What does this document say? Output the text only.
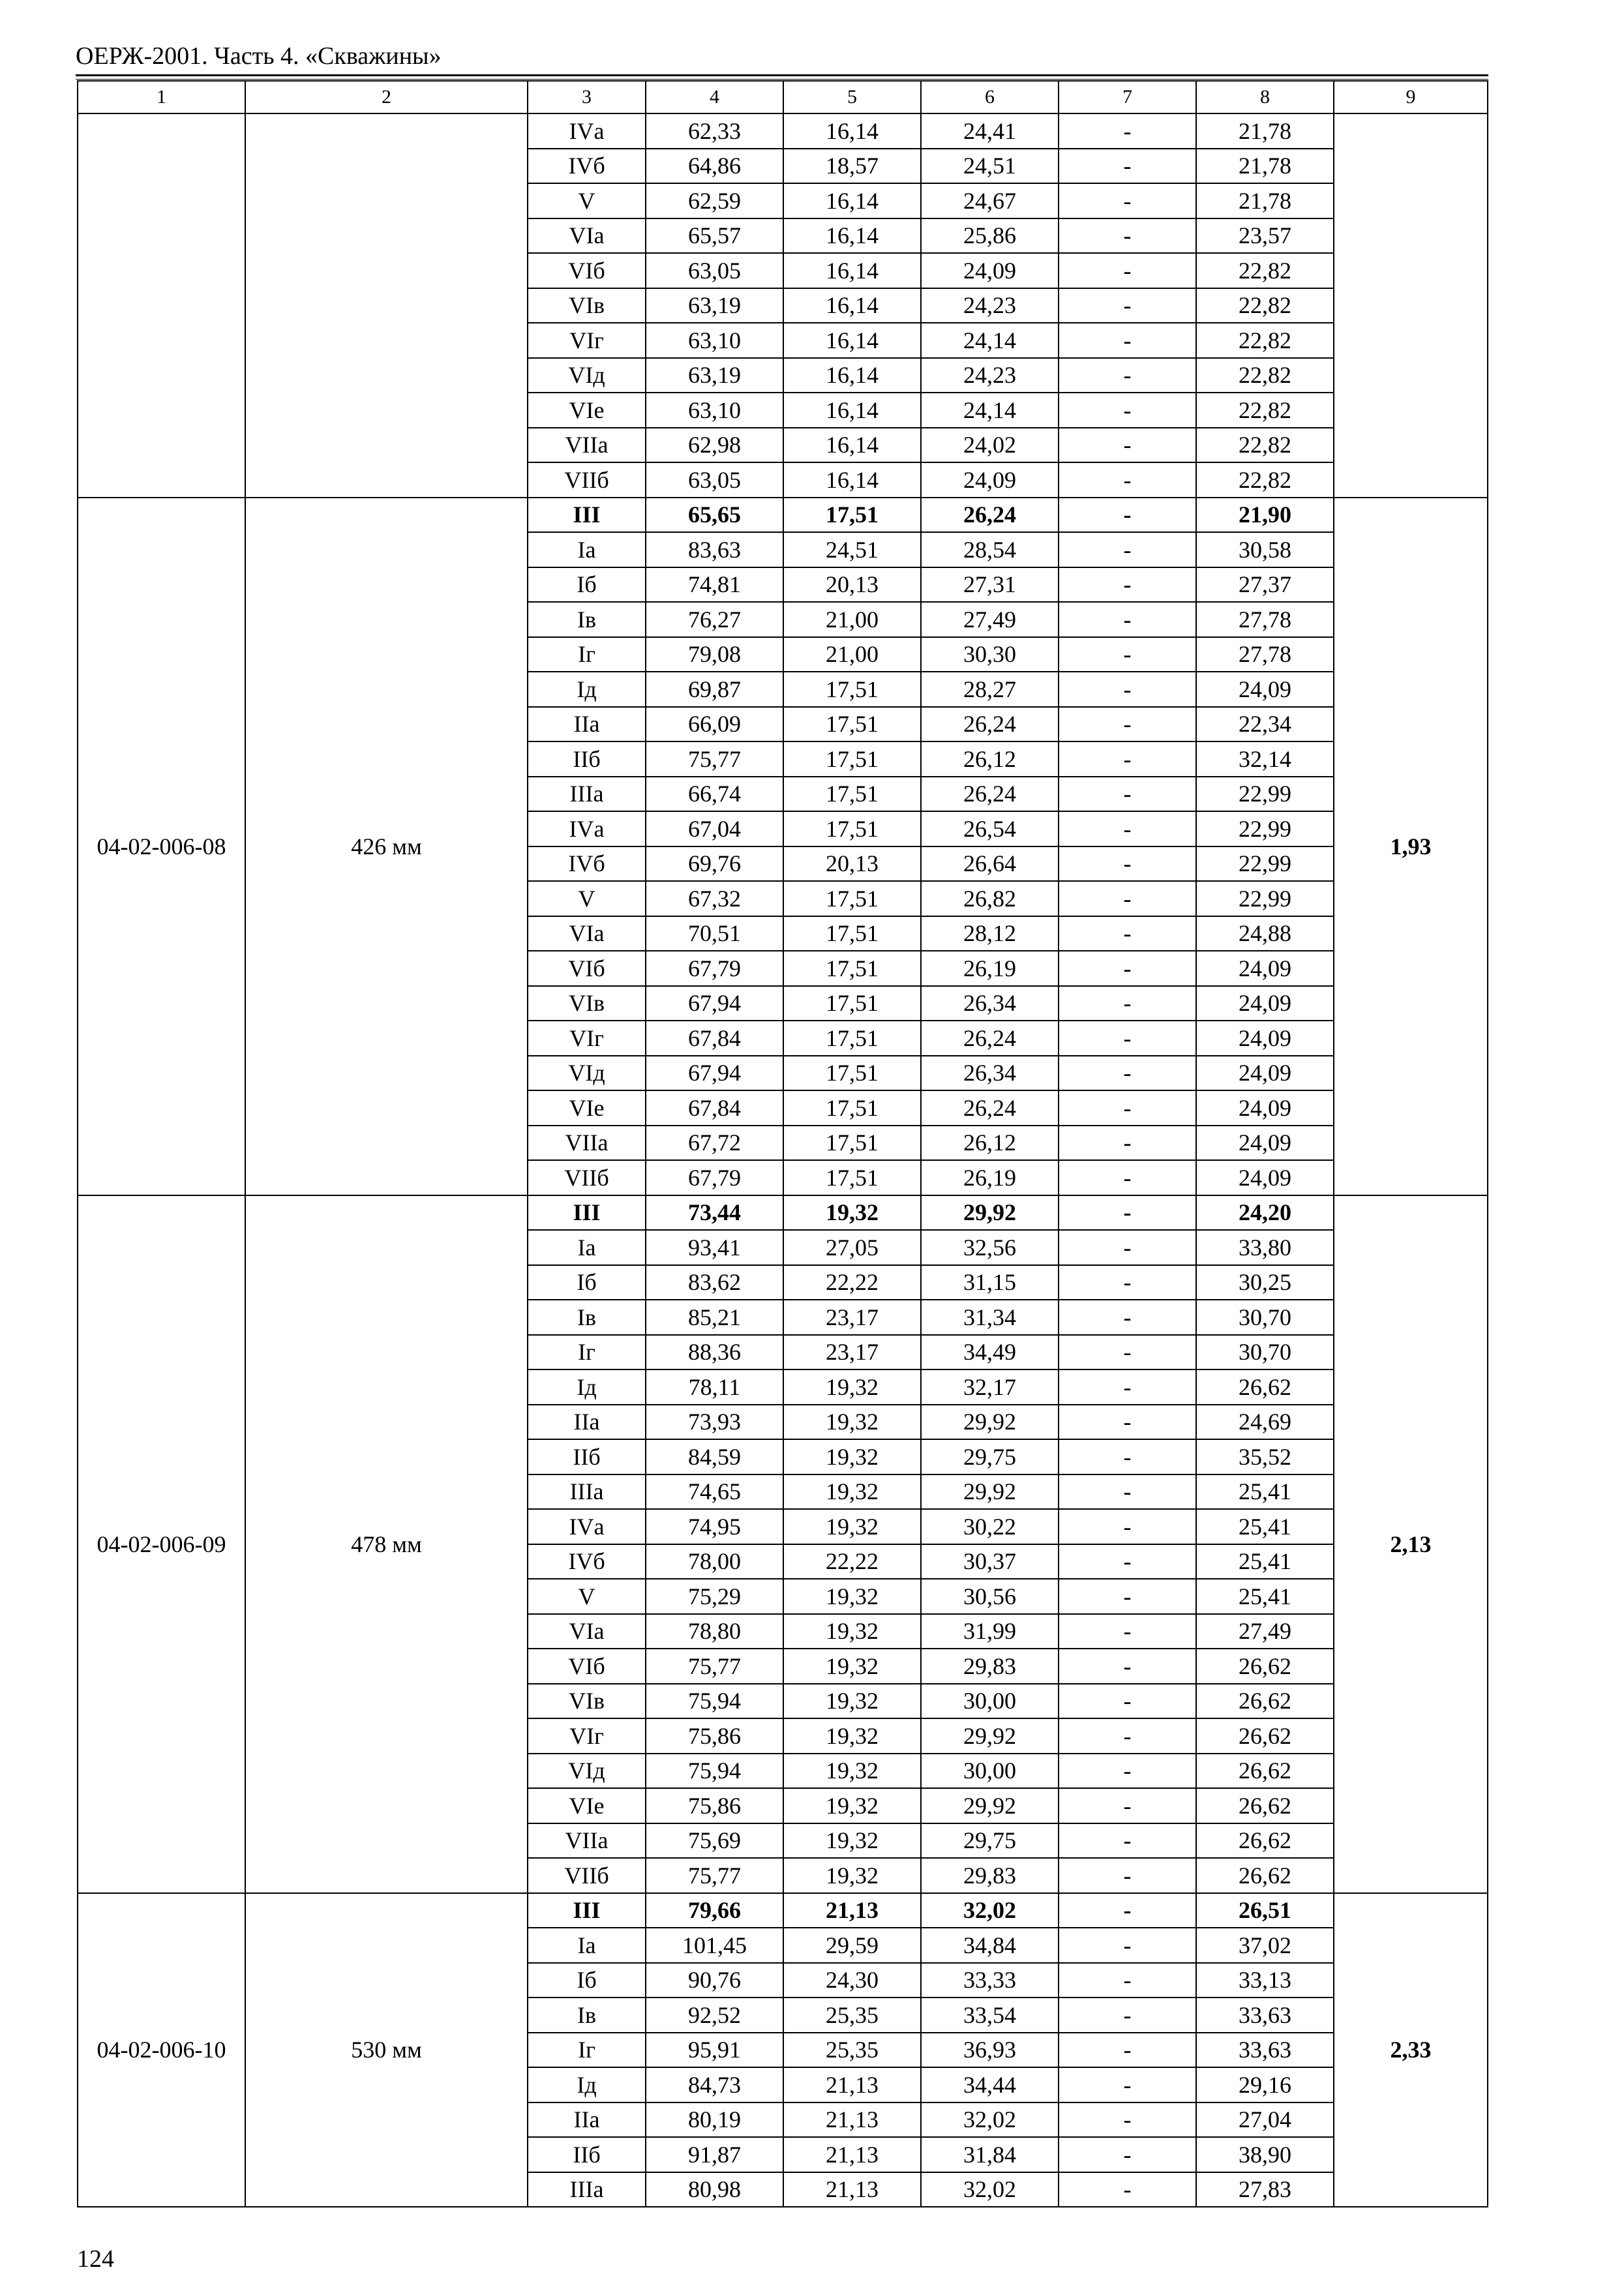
ОЕРЖ-2001. Часть 4. «Скважины»
1	2	3	4	5	6	7	8	9
		IVа	62,33	16,14	24,41	-	21,78	
		IVб	64,86	18,57	24,51	-	21,78	
		V	62,59	16,14	24,67	-	21,78	
		VIа	65,57	16,14	25,86	-	23,57	
		VIб	63,05	16,14	24,09	-	22,82	
		VIв	63,19	16,14	24,23	-	22,82	
		VIг	63,10	16,14	24,14	-	22,82	
		VIд	63,19	16,14	24,23	-	22,82	
		VIе	63,10	16,14	24,14	-	22,82	
		VIIа	62,98	16,14	24,02	-	22,82	
		VIIб	63,05	16,14	24,09	-	22,82	
04-02-006-08	426 мм	III	65,65	17,51	26,24	-	21,90	1,93
		Iа	83,63	24,51	28,54	-	30,58	
		Iб	74,81	20,13	27,31	-	27,37	
		Iв	76,27	21,00	27,49	-	27,78	
		Iг	79,08	21,00	30,30	-	27,78	
		Iд	69,87	17,51	28,27	-	24,09	
		IIа	66,09	17,51	26,24	-	22,34	
		IIб	75,77	17,51	26,12	-	32,14	
		IIIа	66,74	17,51	26,24	-	22,99	
		IVа	67,04	17,51	26,54	-	22,99	
		IVб	69,76	20,13	26,64	-	22,99	
		V	67,32	17,51	26,82	-	22,99	
		VIа	70,51	17,51	28,12	-	24,88	
		VIб	67,79	17,51	26,19	-	24,09	
		VIв	67,94	17,51	26,34	-	24,09	
		VIг	67,84	17,51	26,24	-	24,09	
		VIд	67,94	17,51	26,34	-	24,09	
		VIе	67,84	17,51	26,24	-	24,09	
		VIIа	67,72	17,51	26,12	-	24,09	
		VIIб	67,79	17,51	26,19	-	24,09	
04-02-006-09	478 мм	III	73,44	19,32	29,92	-	24,20	2,13
		Iа	93,41	27,05	32,56	-	33,80	
		Iб	83,62	22,22	31,15	-	30,25	
		Iв	85,21	23,17	31,34	-	30,70	
		Iг	88,36	23,17	34,49	-	30,70	
		Iд	78,11	19,32	32,17	-	26,62	
		IIа	73,93	19,32	29,92	-	24,69	
		IIб	84,59	19,32	29,75	-	35,52	
		IIIа	74,65	19,32	29,92	-	25,41	
		IVа	74,95	19,32	30,22	-	25,41	
		IVб	78,00	22,22	30,37	-	25,41	
		V	75,29	19,32	30,56	-	25,41	
		VIа	78,80	19,32	31,99	-	27,49	
		VIб	75,77	19,32	29,83	-	26,62	
		VIв	75,94	19,32	30,00	-	26,62	
		VIг	75,86	19,32	29,92	-	26,62	
		VIд	75,94	19,32	30,00	-	26,62	
		VIе	75,86	19,32	29,92	-	26,62	
		VIIа	75,69	19,32	29,75	-	26,62	
		VIIб	75,77	19,32	29,83	-	26,62	
04-02-006-10	530 мм	III	79,66	21,13	32,02	-	26,51	2,33
		Iа	101,45	29,59	34,84	-	37,02	
		Iб	90,76	24,30	33,33	-	33,13	
		Iв	92,52	25,35	33,54	-	33,63	
		Iг	95,91	25,35	36,93	-	33,63	
		Iд	84,73	21,13	34,44	-	29,16	
		IIа	80,19	21,13	32,02	-	27,04	
		IIб	91,87	21,13	31,84	-	38,90	
		IIIа	80,98	21,13	32,02	-	27,83	
124
